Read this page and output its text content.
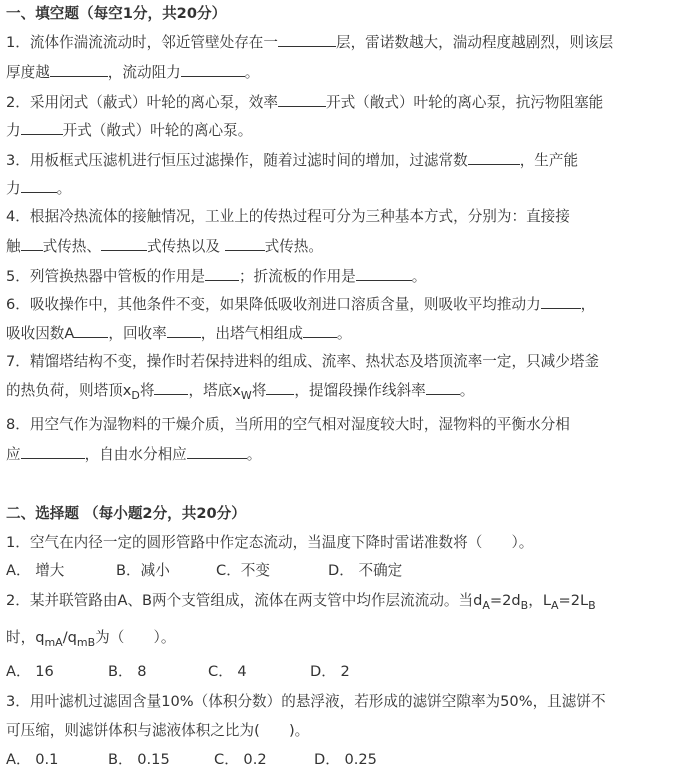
一、填空题（每空1分，共20分）
1．流体作湍流流动时，邻近管壁处存在一	层，雷诺数越大，湍动程度越剧烈，则该层
厚度越	，流动阻力	。
2．采用闭式（蔽式）叶轮的离心泵，效率	开式（敞式）叶轮的离心泵，抗污物阻塞能
力	开式（敞式）叶轮的离心泵。
3．用板框式压滤机进行恒压过滤操作，随着过滤时间的增加，过滤常数	，生产能
力 。
4．根据冷热流体的接触情况，工业上的传热过程可分为三种基本方式，分别为：直接接
触 式传热、	式传热以及	式传热。
5．列管换热器中管板的作用是 ；折流板的作用是	。
6．吸收操作中，其他条件不变，如果降低吸收剂进口溶质含量，则吸收平均推动力	，
吸收因数A ，回收率 ，出塔气相组成 。
7．精馏塔结构不变，操作时若保持进料的组成、流率、热状态及塔顶流率一定，只减少塔釜
的热负荷，则塔顶$x_D$将 ，塔底$x_W$将 ，提馏段操作线斜率 。
8．用空气作为湿物料的干燥介质，当所用的空气相对湿度较大时，湿物料的平衡水分相
应	，自由水分相应	。
二、选择题 （每小题2分，共20分）
1．空气在内径一定的圆形管路中作定态流动，当温度下降时雷诺准数将（　　）。
A． 增大	B．减小	C．不变	D． 不确定
2．某并联管路由A、B两个支管组成，流体在两支管中均作层流流动。当$d_A=2d_B$，$L_A=2L_B$
时，$q_{mA}/q_{mB}$为（　　）。
A． 16	B． 8	C． 4	D． 2
3．用叶滤机过滤固含量10%（体积分数）的悬浮液，若形成的滤饼空隙率为50%，且滤饼不
可压缩，则滤饼体积与滤液体积之比为(　　)。
A． 0.1	B． 0.15	C． 0.2	D． 0.25
